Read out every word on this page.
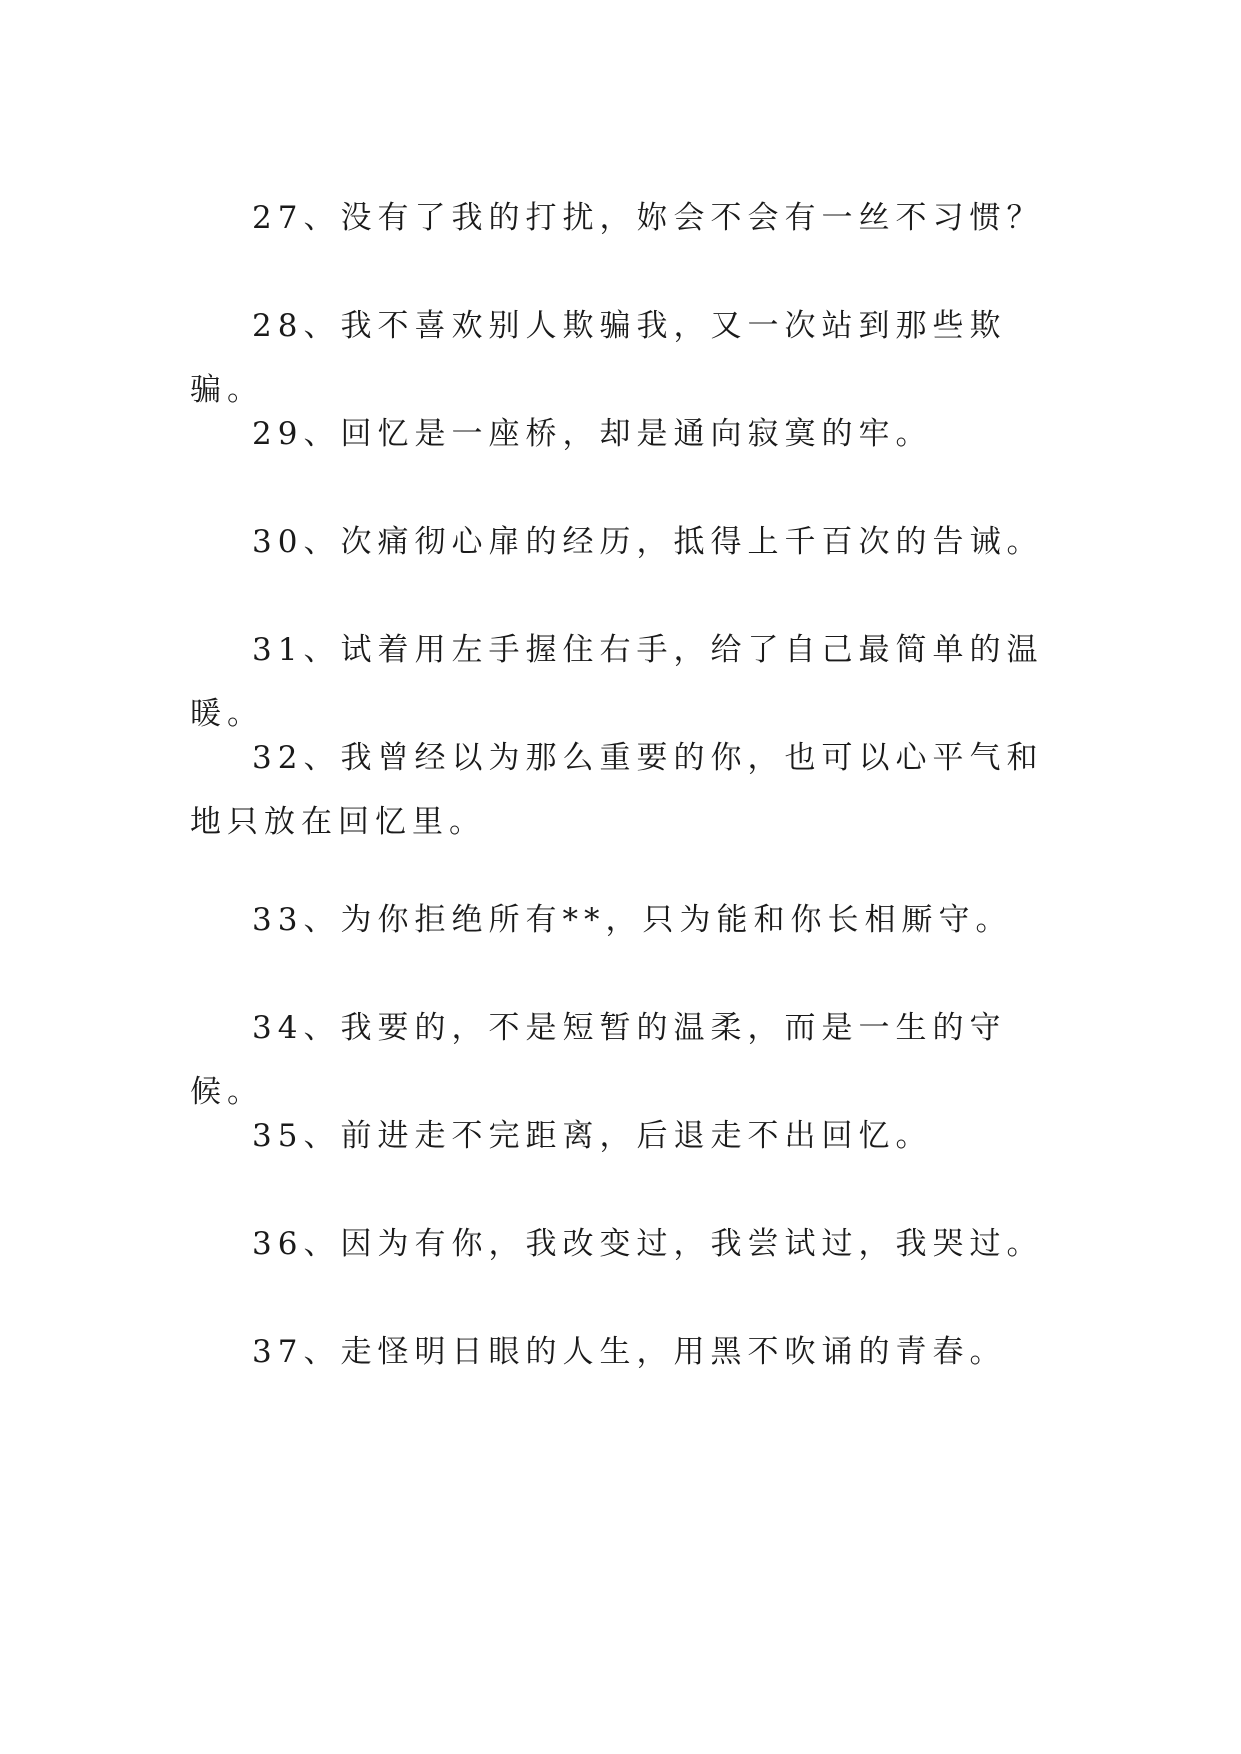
27、没有了我的打扰，妳会不会有一丝不习惯？

28、我不喜欢别人欺骗我，又一次站到那些欺骗。

29、回忆是一座桥，却是通向寂寞的牢。

30、次痛彻心扉的经历，抵得上千百次的告诫。

31、试着用左手握住右手，给了自己最简单的温暖。

32、我曾经以为那么重要的你，也可以心平气和地只放在回忆里。

33、为你拒绝所有**，只为能和你长相厮守。

34、我要的，不是短暂的温柔，而是一生的守候。

35、前进走不完距离，后退走不出回忆。

36、因为有你，我改变过，我尝试过，我哭过。

37、走怪明日眼的人生，用黑不吹诵的青春。
